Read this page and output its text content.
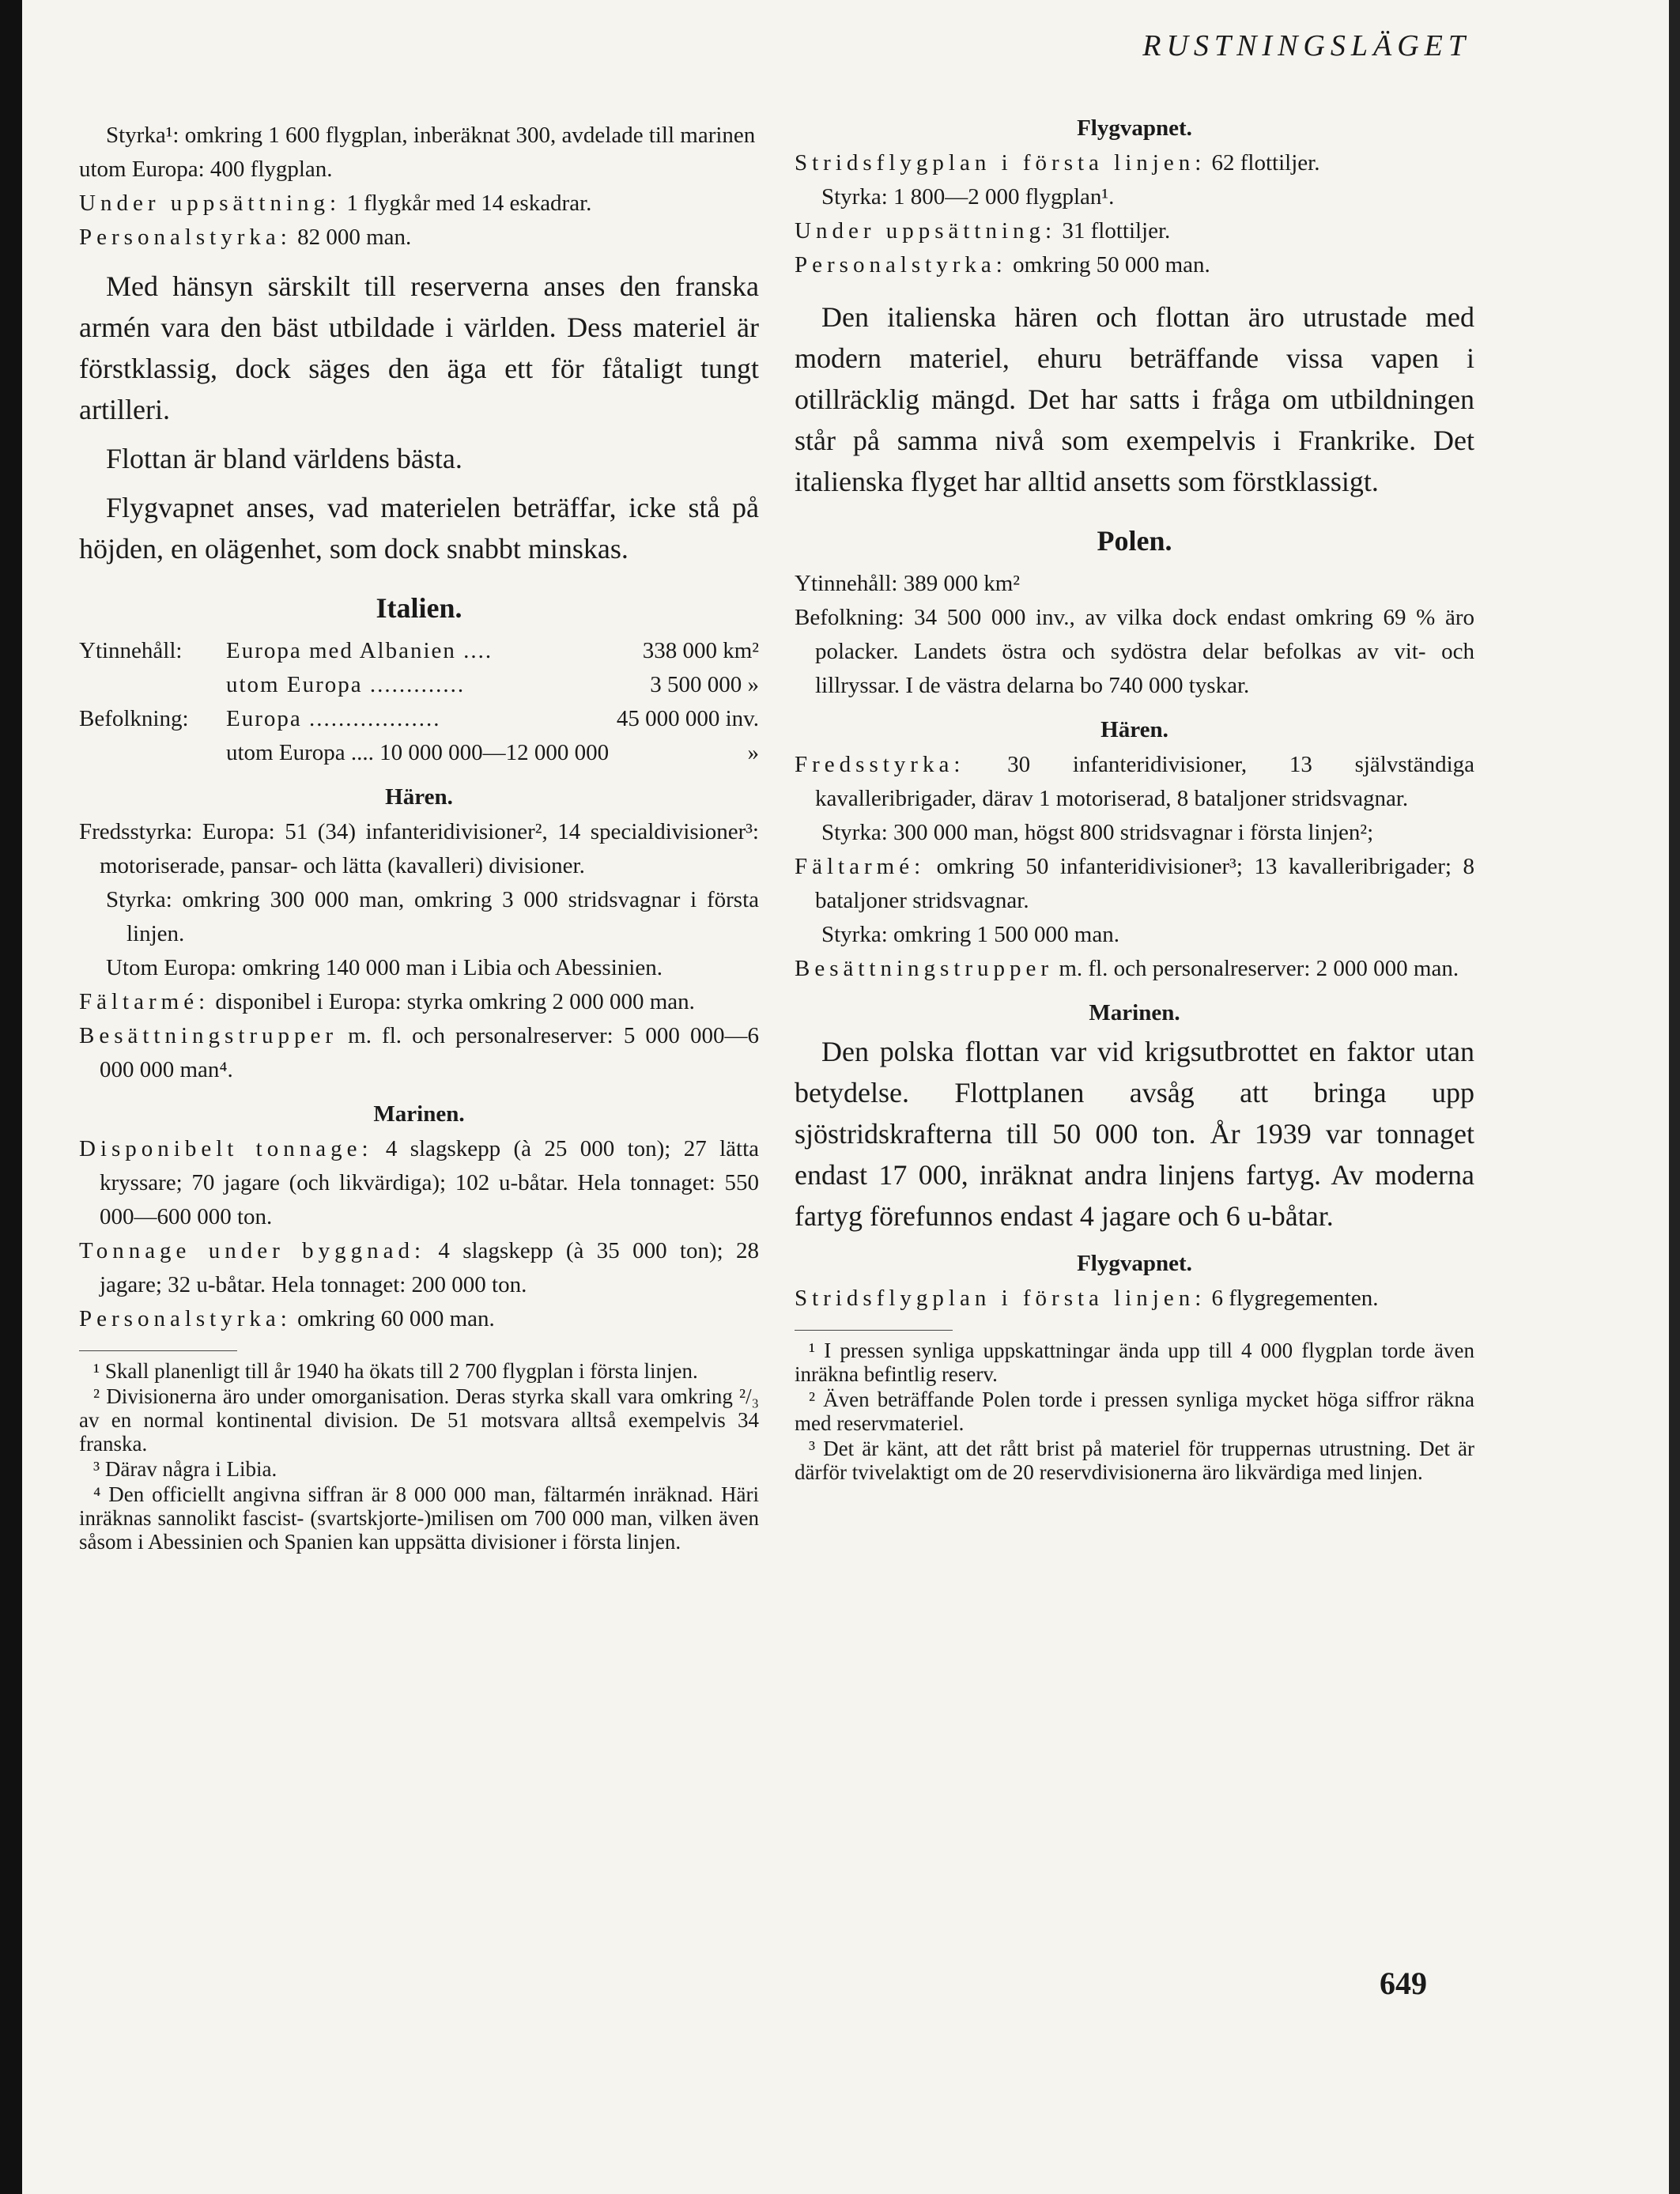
RUSTNINGSLÄGET

Styrka¹: omkring 1 600 flygplan, inberäknat 300, avdelade till marinen

utom Europa: 400 flygplan.

Under uppsättning: 1 flygkår med 14 eskadrar.

Personalstyrka: 82 000 man.

Med hänsyn särskilt till reserverna anses den franska armén vara den bäst utbildade i världen. Dess materiel är förstklassig, dock säges den äga ett för fåtaligt tungt artilleri.

Flottan är bland världens bästa.

Flygvapnet anses, vad materielen beträffar, icke stå på höjden, en olägenhet, som dock snabbt minskas.

Italien.
Ytinnehåll:	Europa med Albanien ....	338 000 km²
utom Europa .............	3 500 000 »
Befolkning:	Europa ..................	45 000 000 inv.
utom Europa .... 10 000 000—12 000 000	»
Hären.

Fredsstyrka: Europa: 51 (34) infanteridivisioner², 14 specialdivisioner³: motoriserade, pansar- och lätta (kavalleri) divisioner.

Styrka: omkring 300 000 man, omkring 3 000 stridsvagnar i första linjen.

Utom Europa: omkring 140 000 man i Libia och Abessinien.

Fältarmé: disponibel i Europa: styrka omkring 2 000 000 man.

Besättningstrupper m. fl. och personalreserver: 5 000 000—6 000 000 man⁴.

Marinen.

Disponibelt tonnage: 4 slagskepp (à 25 000 ton); 27 lätta kryssare; 70 jagare (och likvärdiga); 102 u-båtar. Hela tonnaget: 550 000—600 000 ton.

Tonnage under byggnad: 4 slagskepp (à 35 000 ton); 28 jagare; 32 u-båtar. Hela tonnaget: 200 000 ton.

Personalstyrka: omkring 60 000 man.

¹ Skall planenligt till år 1940 ha ökats till 2 700 flygplan i första linjen.

² Divisionerna äro under omorganisation. Deras styrka skall vara omkring ²/₃ av en normal kontinental division. De 51 motsvara alltså exempelvis 34 franska.

³ Därav några i Libia.

⁴ Den officiellt angivna siffran är 8 000 000 man, fältarmén inräknad. Häri inräknas sannolikt fascist- (svartskjorte-)milisen om 700 000 man, vilken även såsom i Abessinien och Spanien kan uppsätta divisioner i första linjen.

Flygvapnet.

Stridsflygplan i första linjen: 62 flottiljer.

Styrka: 1 800—2 000 flygplan¹.

Under uppsättning: 31 flottiljer.

Personalstyrka: omkring 50 000 man.

Den italienska hären och flottan äro utrustade med modern materiel, ehuru beträffande vissa vapen i otillräcklig mängd. Det har satts i fråga om utbildningen står på samma nivå som exempelvis i Frankrike. Det italienska flyget har alltid ansetts som förstklassigt.

Polen.

Ytinnehåll: 389 000 km²

Befolkning: 34 500 000 inv., av vilka dock endast omkring 69 % äro polacker. Landets östra och sydöstra delar befolkas av vit- och lillryssar. I de västra delarna bo 740 000 tyskar.

Hären.

Fredsstyrka: 30 infanteridivisioner, 13 självständiga kavalleribrigader, därav 1 motoriserad, 8 bataljoner stridsvagnar.

Styrka: 300 000 man, högst 800 stridsvagnar i första linjen²;

Fältarmé: omkring 50 infanteridivisioner³; 13 kavalleribrigader; 8 bataljoner stridsvagnar.

Styrka: omkring 1 500 000 man.

Besättningstrupper m. fl. och personalreserver: 2 000 000 man.

Marinen.

Den polska flottan var vid krigsutbrottet en faktor utan betydelse. Flottplanen avsåg att bringa upp sjöstridskrafterna till 50 000 ton. År 1939 var tonnaget endast 17 000, inräknat andra linjens fartyg. Av moderna fartyg förefunnos endast 4 jagare och 6 u-båtar.

Flygvapnet.

Stridsflygplan i första linjen: 6 flygregementen.

¹ I pressen synliga uppskattningar ända upp till 4 000 flygplan torde även inräkna befintlig reserv.

² Även beträffande Polen torde i pressen synliga mycket höga siffror räkna med reservmateriel.

³ Det är känt, att det rått brist på materiel för truppernas utrustning. Det är därför tvivelaktigt om de 20 reservdivisionerna äro likvärdiga med linjen.

649
